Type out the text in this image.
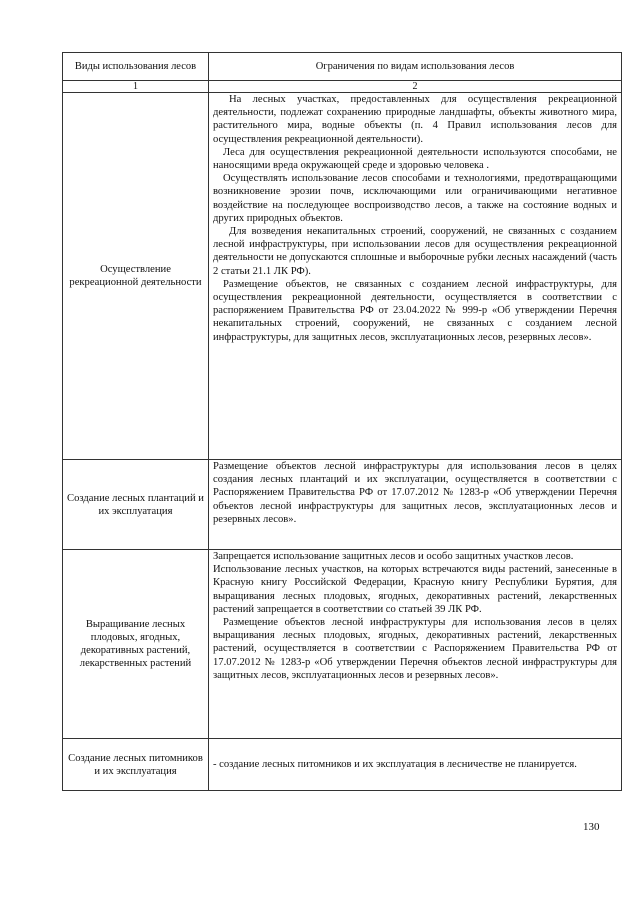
Виды использования лесов	Ограничения по видам использования лесов
1	2
Осуществление рекреационной деятельности	На лесных участках, предоставленных для осуществления рекреационной деятельности, подлежат сохранению природные ландшафты, объекты животного мира, растительного мира, водные объекты (п. 4 Правил использования лесов для осуществления рекреационной деятельности).

Леса для осуществления рекреационной деятельности используются способами, не наносящими вреда окружающей среде и здоровью человека .

Осуществлять использование лесов способами и технологиями, предотвращающими возникновение эрозии почв, исключающими или ограничивающими негативное воздействие на последующее воспроизводство лесов, а также на состояние водных и других природных объектов.

Для возведения некапитальных строений, сооружений, не связанных с созданием лесной инфраструктуры, при использовании лесов для осуществления рекреационной деятельности не допускаются сплошные и выборочные рубки лесных насаждений (часть 2 статьи 21.1 ЛК РФ).

Размещение объектов, не связанных с созданием лесной инфраструктуры, для осуществления рекреационной деятельности, осуществляется в соответствии с распоряжением Правительства РФ от 23.04.2022 № 999-р «Об утверждении Перечня некапитальных строений, сооружений, не связанных с созданием лесной инфраструктуры, для защитных лесов, эксплуатационных лесов, резервных лесов».

Создание лесных плантаций и их эксплуатация	Размещение объектов лесной инфраструктуры для использования лесов в целях создания лесных плантаций и их эксплуатации, осуществляется в соответствии с Распоряжением Правительства РФ от 17.07.2012 № 1283-р «Об утверждении Перечня объектов лесной инфраструктуры для защитных лесов, эксплуатационных лесов и резервных лесов».

Выращивание лесных плодовых, ягодных, декоративных растений, лекарственных растений	Запрещается использование защитных лесов и особо защитных участков лесов.

Использование лесных участков, на которых встречаются виды растений, занесенные в Красную книгу Российской Федерации, Красную книгу Республики Бурятия, для выращивания лесных плодовых, ягодных, декоративных растений, лекарственных растений запрещается в соответствии со статьей 39 ЛК РФ.

Размещение объектов лесной инфраструктуры для использования лесов в целях выращивания лесных плодовых, ягодных, декоративных растений, лекарственных растений, осуществляется в соответствии с Распоряжением Правительства РФ от 17.07.2012 № 1283-р «Об утверждении Перечня объектов лесной инфраструктуры для защитных лесов, эксплуатационных лесов и резервных лесов».

Создание лесных питомников и их эксплуатация	- создание лесных питомников и их эксплуатация в лесничестве не планируется.

130
